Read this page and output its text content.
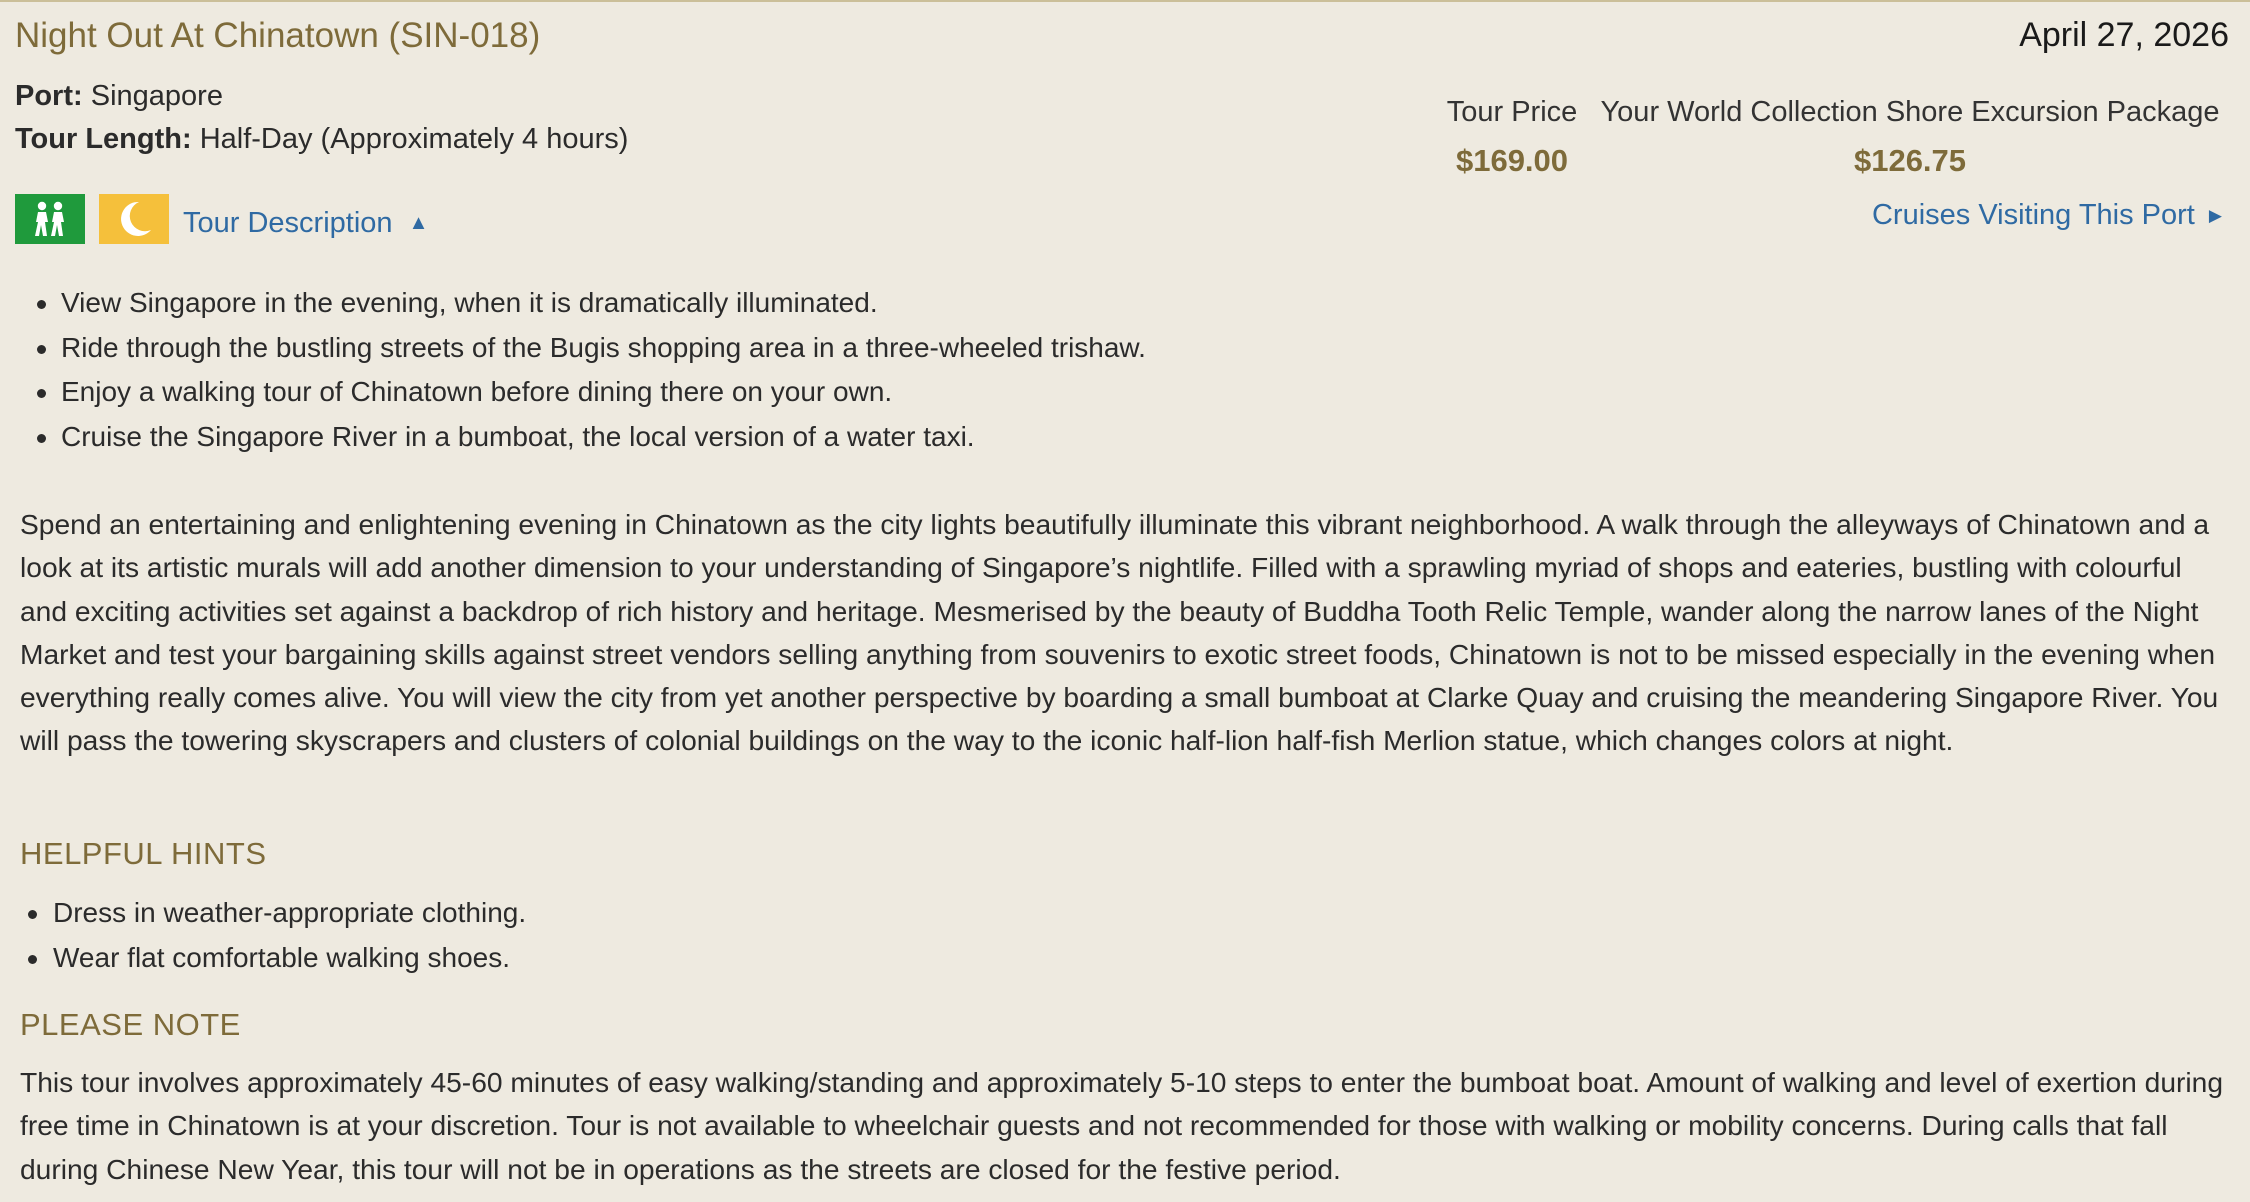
Night Out At Chinatown (SIN-018)	April 27, 2026
Port: Singapore
Tour Length: Half-Day (Approximately 4 hours)
Tour Price
$169.00
Your World Collection Shore Excursion Package
$126.75
Tour Description ▲	Cruises Visiting This Port ▶
View Singapore in the evening, when it is dramatically illuminated.
Ride through the bustling streets of the Bugis shopping area in a three-wheeled trishaw.
Enjoy a walking tour of Chinatown before dining there on your own.
Cruise the Singapore River in a bumboat, the local version of a water taxi.
Spend an entertaining and enlightening evening in Chinatown as the city lights beautifully illuminate this vibrant neighborhood. A walk through the alleyways of Chinatown and a look at its artistic murals will add another dimension to your understanding of Singapore’s nightlife. Filled with a sprawling myriad of shops and eateries, bustling with colourful and exciting activities set against a backdrop of rich history and heritage. Mesmerised by the beauty of Buddha Tooth Relic Temple, wander along the narrow lanes of the Night Market and test your bargaining skills against street vendors selling anything from souvenirs to exotic street foods, Chinatown is not to be missed especially in the evening when everything really comes alive. You will view the city from yet another perspective by boarding a small bumboat at Clarke Quay and cruising the meandering Singapore River. You will pass the towering skyscrapers and clusters of colonial buildings on the way to the iconic half-lion half-fish Merlion statue, which changes colors at night.
HELPFUL HINTS
Dress in weather-appropriate clothing.
Wear flat comfortable walking shoes.
PLEASE NOTE
This tour involves approximately 45-60 minutes of easy walking/standing and approximately 5-10 steps to enter the bumboat boat. Amount of walking and level of exertion during free time in Chinatown is at your discretion. Tour is not available to wheelchair guests and not recommended for those with walking or mobility concerns. During calls that fall during Chinese New Year, this tour will not be in operations as the streets are closed for the festive period.
